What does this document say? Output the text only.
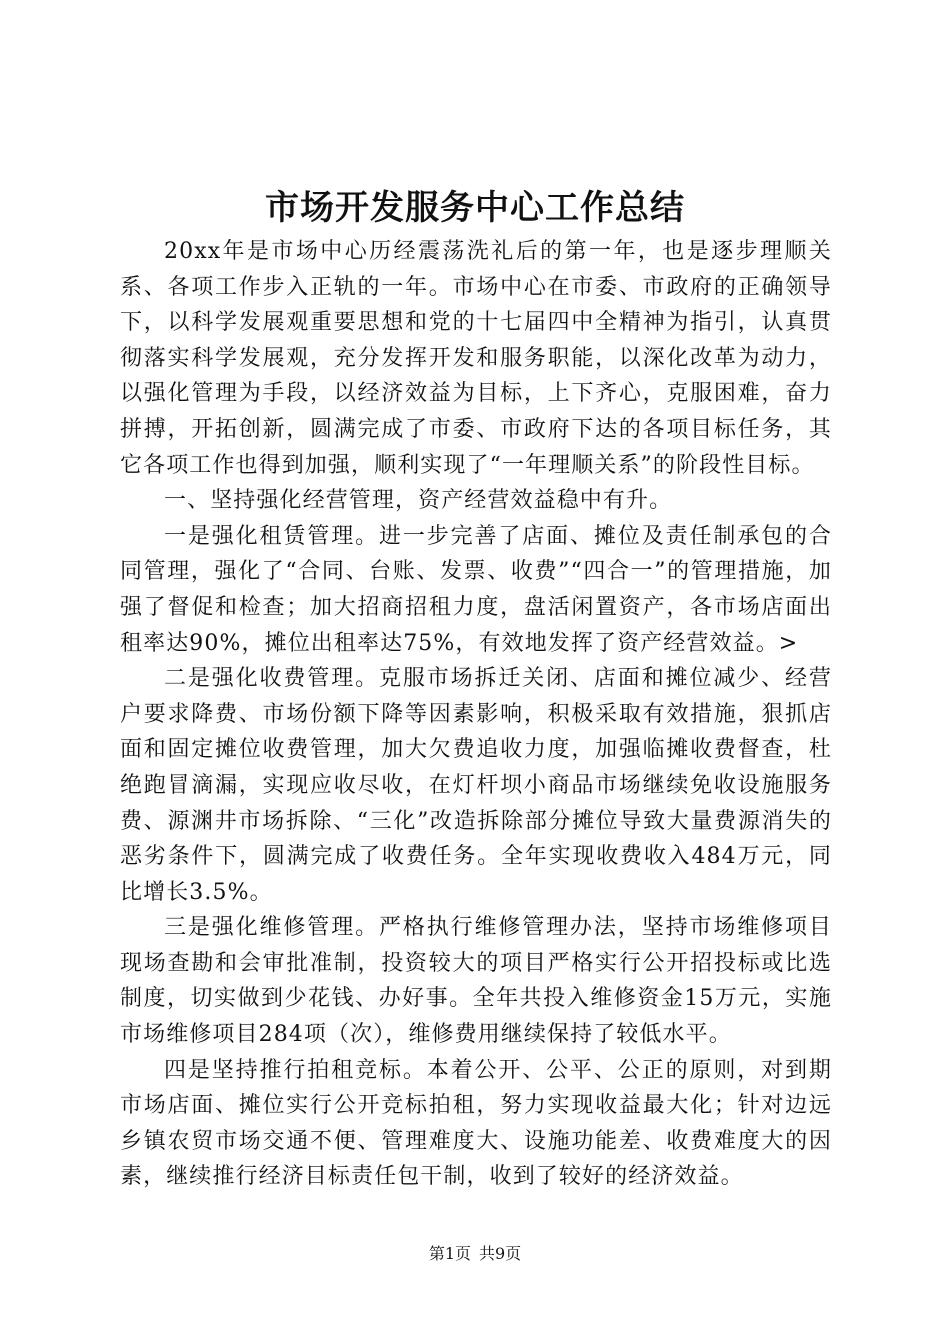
市场开发服务中心工作总结

20xx年是市场中心历经震荡洗礼后的第一年，也是逐步理顺关系、各项工作步入正轨的一年。市场中心在市委、市政府的正确领导下，以科学发展观重要思想和党的十七届四中全精神为指引，认真贯彻落实科学发展观，充分发挥开发和服务职能，以深化改革为动力，以强化管理为手段，以经济效益为目标，上下齐心，克服困难，奋力拼搏，开拓创新，圆满完成了市委、市政府下达的各项目标任务，其它各项工作也得到加强，顺利实现了“一年理顺关系”的阶段性目标。

一、坚持强化经营管理，资产经营效益稳中有升。

一是强化租赁管理。进一步完善了店面、摊位及责任制承包的合同管理，强化了“合同、台账、发票、收费”“四合一”的管理措施，加强了督促和检查；加大招商招租力度，盘活闲置资产，各市场店面出租率达90%，摊位出租率达75%，有效地发挥了资产经营效益。>

二是强化收费管理。克服市场拆迁关闭、店面和摊位减少、经营户要求降费、市场份额下降等因素影响，积极采取有效措施，狠抓店面和固定摊位收费管理，加大欠费追收力度，加强临摊收费督查，杜绝跑冒滴漏，实现应收尽收，在灯杆坝小商品市场继续免收设施服务费、源渊井市场拆除、“三化”改造拆除部分摊位导致大量费源消失的恶劣条件下，圆满完成了收费任务。全年实现收费收入484万元，同比增长3.5%。

三是强化维修管理。严格执行维修管理办法，坚持市场维修项目现场查勘和会审批准制，投资较大的项目严格实行公开招投标或比选制度，切实做到少花钱、办好事。全年共投入维修资金15万元，实施市场维修项目284项（次），维修费用继续保持了较低水平。

四是坚持推行拍租竞标。本着公开、公平、公正的原则，对到期市场店面、摊位实行公开竞标拍租，努力实现收益最大化；针对边远乡镇农贸市场交通不便、管理难度大、设施功能差、收费难度大的因素，继续推行经济目标责任包干制，收到了较好的经济效益。

第1页 共9页
